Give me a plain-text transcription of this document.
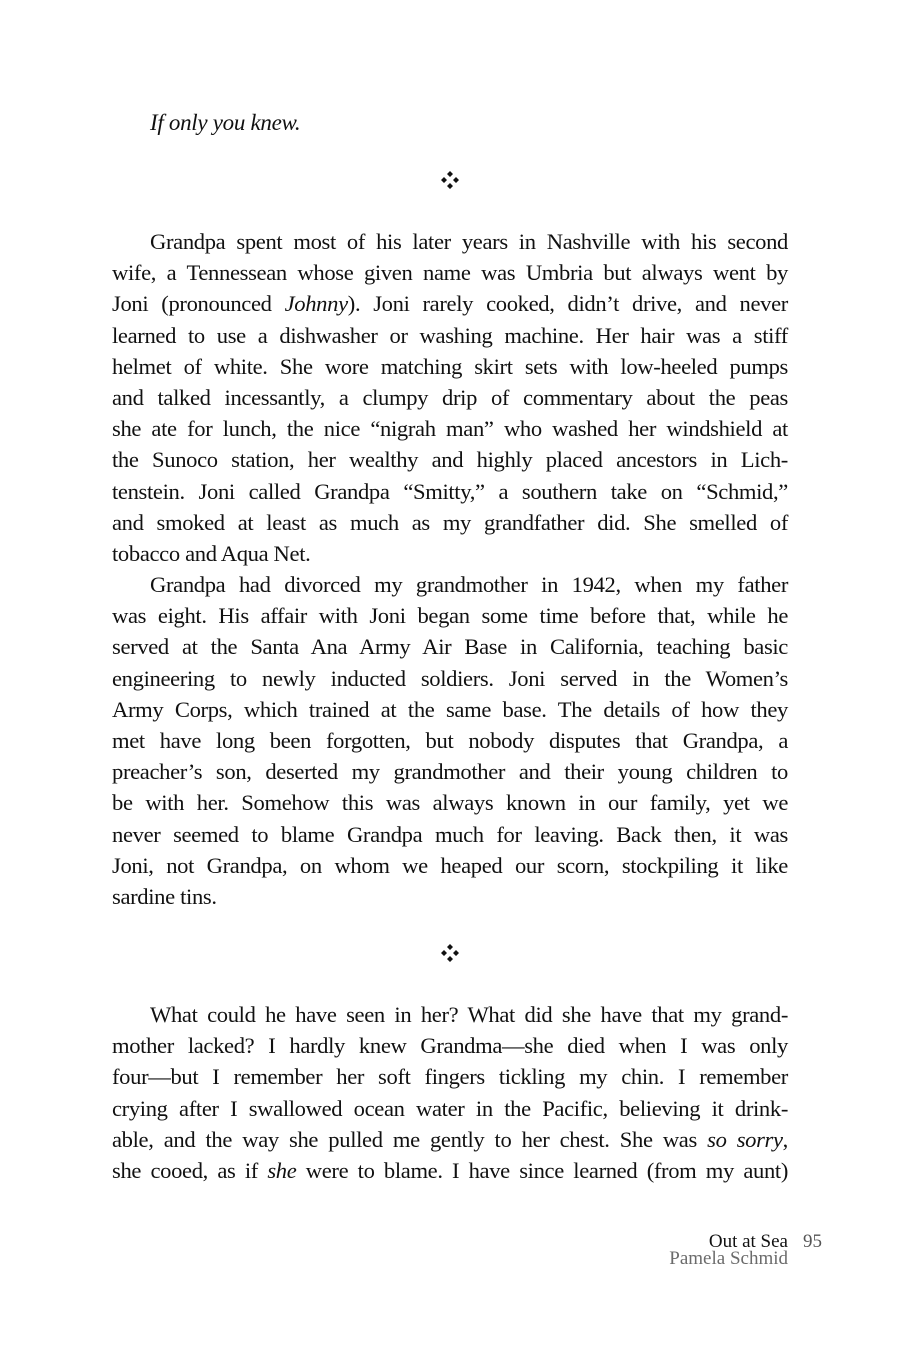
If only you knew.

Grandpa spent most of his later years in Nashville with his second
wife, a Tennessean whose given name was Umbria but always went by
Joni (pronounced Johnny). Joni rarely cooked, didn’t drive, and never
learned to use a dishwasher or washing machine. Her hair was a stiff
helmet of white. She wore matching skirt sets with low-heeled pumps
and talked incessantly, a clumpy drip of commentary about the peas
she ate for lunch, the nice “nigrah man” who washed her windshield at
the Sunoco station, her wealthy and highly placed ancestors in Lich-
tenstein. Joni called Grandpa “Smitty,” a southern take on “Schmid,”
and smoked at least as much as my grandfather did. She smelled of
tobacco and Aqua Net.
Grandpa had divorced my grandmother in 1942, when my father
was eight. His affair with Joni began some time before that, while he
served at the Santa Ana Army Air Base in California, teaching basic
engineering to newly inducted soldiers. Joni served in the Women’s
Army Corps, which trained at the same base. The details of how they
met have long been forgotten, but nobody disputes that Grandpa, a
preacher’s son, deserted my grandmother and their young children to
be with her. Somehow this was always known in our family, yet we
never seemed to blame Grandpa much for leaving. Back then, it was
Joni, not Grandpa, on whom we heaped our scorn, stockpiling it like
sardine tins.
What could he have seen in her? What did she have that my grand-
mother lacked? I hardly knew Grandma—she died when I was only
four—but I remember her soft fingers tickling my chin. I remember
crying after I swallowed ocean water in the Pacific, believing it drink-
able, and the way she pulled me gently to her chest. She was so sorry,
she cooed, as if she were to blame. I have since learned (from my aunt)
Out at Sea
Pamela Schmid
95
